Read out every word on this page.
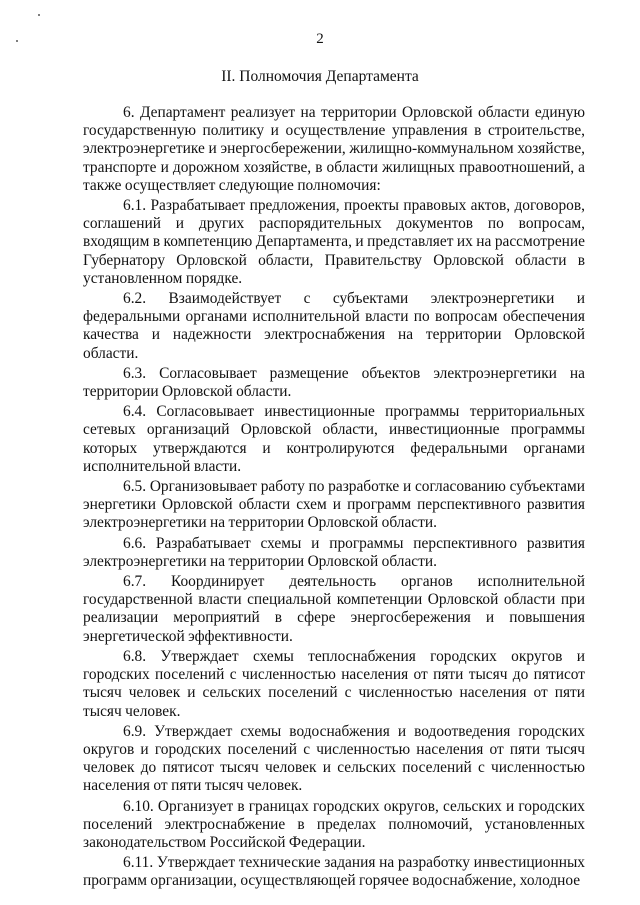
2
II. Полномочия Департамента

6. Департамент реализует на территории Орловской области единую государственную политику и осуществление управления в строительстве, электроэнергетике и энергосбережении, жилищно-коммунальном хозяйстве, транспорте и дорожном хозяйстве, в области жилищных правоотношений, а также осуществляет следующие полномочия:

6.1. Разрабатывает предложения, проекты правовых актов, договоров, соглашений и других распорядительных документов по вопросам, входящим в компетенцию Департамента, и представляет их на рассмотрение Губернатору Орловской области, Правительству Орловской области в установленном порядке.

6.2. Взаимодействует с субъектами электроэнергетики и федеральными органами исполнительной власти по вопросам обеспечения качества и надежности электроснабжения на территории Орловской области.

6.3. Согласовывает размещение объектов электроэнергетики на территории Орловской области.

6.4. Согласовывает инвестиционные программы территориальных сетевых организаций Орловской области, инвестиционные программы которых утверждаются и контролируются федеральными органами исполнительной власти.

6.5. Организовывает работу по разработке и согласованию субъектами энергетики Орловской области схем и программ перспективного развития электроэнергетики на территории Орловской области.

6.6. Разрабатывает схемы и программы перспективного развития электроэнергетики на территории Орловской области.

6.7. Координирует деятельность органов исполнительной государственной власти специальной компетенции Орловской области при реализации мероприятий в сфере энергосбережения и повышения энергетической эффективности.

6.8. Утверждает схемы теплоснабжения городских округов и городских поселений с численностью населения от пяти тысяч до пятисот тысяч человек и сельских поселений с численностью населения от пяти тысяч человек.

6.9. Утверждает схемы водоснабжения и водоотведения городских округов и городских поселений с численностью населения от пяти тысяч человек до пятисот тысяч человек и сельских поселений с численностью населения от пяти тысяч человек.

6.10. Организует в границах городских округов, сельских и городских поселений электроснабжение в пределах полномочий, установленных законодательством Российской Федерации.

6.11. Утверждает технические задания на разработку инвестиционных программ организации, осуществляющей горячее водоснабжение, холодное
